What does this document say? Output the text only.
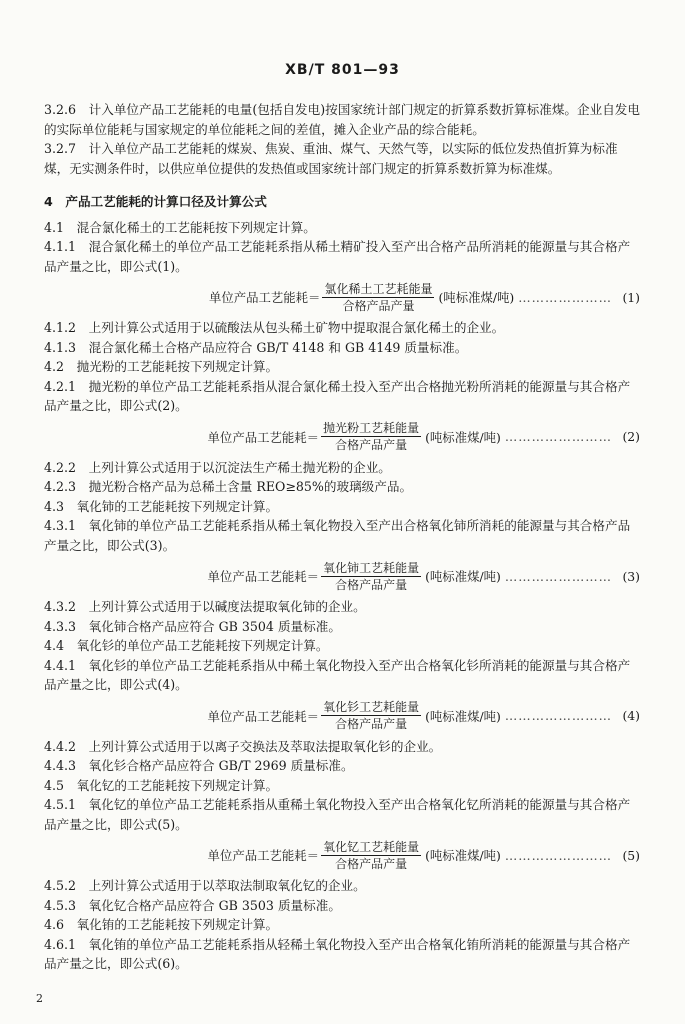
XB/T 801—93

3.2.6　计入单位产品工艺能耗的电量(包括自发电)按国家统计部门规定的折算系数折算标准煤。企业自发电的实际单位能耗与国家规定的单位能耗之间的差值，摊入企业产品的综合能耗。

3.2.7　计入单位产品工艺能耗的煤炭、焦炭、重油、煤气、天然气等，以实际的低位发热值折算为标准煤，无实测条件时，以供应单位提供的发热值或国家统计部门规定的折算系数折算为标准煤。

4　产品工艺能耗的计算口径及计算公式

4.1　混合氯化稀土的工艺能耗按下列规定计算。

4.1.1　混合氯化稀土的单位产品工艺能耗系指从稀土精矿投入至产出合格产品所消耗的能源量与其合格产品产量之比，即公式(1)。

单位产品工艺能耗＝ $\frac{\text{氯化稀土工艺耗能量}}{\text{合格产品产量}}$ (吨标准煤/吨) ………………… (1)

4.1.2　上列计算公式适用于以硫酸法从包头稀土矿物中提取混合氯化稀土的企业。

4.1.3　混合氯化稀土合格产品应符合 GB/T 4148 和 GB 4149 质量标准。

4.2　抛光粉的工艺能耗按下列规定计算。

4.2.1　抛光粉的单位产品工艺能耗系指从混合氯化稀土投入至产出合格抛光粉所消耗的能源量与其合格产品产量之比，即公式(2)。

单位产品工艺能耗＝ $\frac{\text{抛光粉工艺耗能量}}{\text{合格产品产量}}$ (吨标准煤/吨) …………………… (2)

4.2.2　上列计算公式适用于以沉淀法生产稀土抛光粉的企业。

4.2.3　抛光粉合格产品为总稀土含量 REO≥85%的玻璃级产品。

4.3　氧化铈的工艺能耗按下列规定计算。

4.3.1　氧化铈的单位产品工艺能耗系指从稀土氧化物投入至产出合格氧化铈所消耗的能源量与其合格产品产量之比，即公式(3)。

单位产品工艺能耗＝ $\frac{\text{氧化铈工艺耗能量}}{\text{合格产品产量}}$ (吨标准煤/吨) …………………… (3)

4.3.2　上列计算公式适用于以碱度法提取氧化铈的企业。

4.3.3　氧化铈合格产品应符合 GB 3504 质量标准。

4.4　氧化钐的单位产品工艺能耗按下列规定计算。

4.4.1　氧化钐的单位产品工艺能耗系指从中稀土氧化物投入至产出合格氧化钐所消耗的能源量与其合格产品产量之比，即公式(4)。

单位产品工艺能耗＝ $\frac{\text{氧化钐工艺耗能量}}{\text{合格产品产量}}$ (吨标准煤/吨) …………………… (4)

4.4.2　上列计算公式适用于以离子交换法及萃取法提取氧化钐的企业。

4.4.3　氧化钐合格产品应符合 GB/T 2969 质量标准。

4.5　氧化钇的工艺能耗按下列规定计算。

4.5.1　氧化钇的单位产品工艺能耗系指从重稀土氧化物投入至产出合格氧化钇所消耗的能源量与其合格产品产量之比，即公式(5)。

单位产品工艺能耗＝ $\frac{\text{氧化钇工艺耗能量}}{\text{合格产品产量}}$ (吨标准煤/吨) …………………… (5)

4.5.2　上列计算公式适用于以萃取法制取氧化钇的企业。

4.5.3　氧化钇合格产品应符合 GB 3503 质量标准。

4.6　氧化铕的工艺能耗按下列规定计算。

4.6.1　氧化铕的单位产品工艺能耗系指从轻稀土氧化物投入至产出合格氧化铕所消耗的能源量与其合格产品产量之比，即公式(6)。

2
